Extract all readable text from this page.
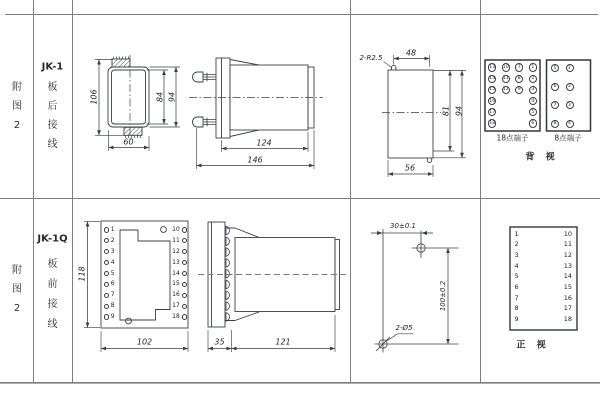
附
图
2
JK-1
板
后
接
线
附
图
2
JK-1Q
板
前
接
线
106	84 94
60	124
146
2-R2.5
48
81 94
56
13 10	7	1
14 11	8	2
15 12	9	3
16	4
17	5
18	6
5
6
7
8
1
2
3
4
18点端子	8点端子
背 视
118
102	35	121
30±0.1
100±0.2
2-Ø5
1
2
3
4
5
6
7
8
9
10
11
12
13
14
15
16
17
18
1
2
3
4
5
6
7
8
9
10
11
12
13
14
15
16
17
18
正 视
